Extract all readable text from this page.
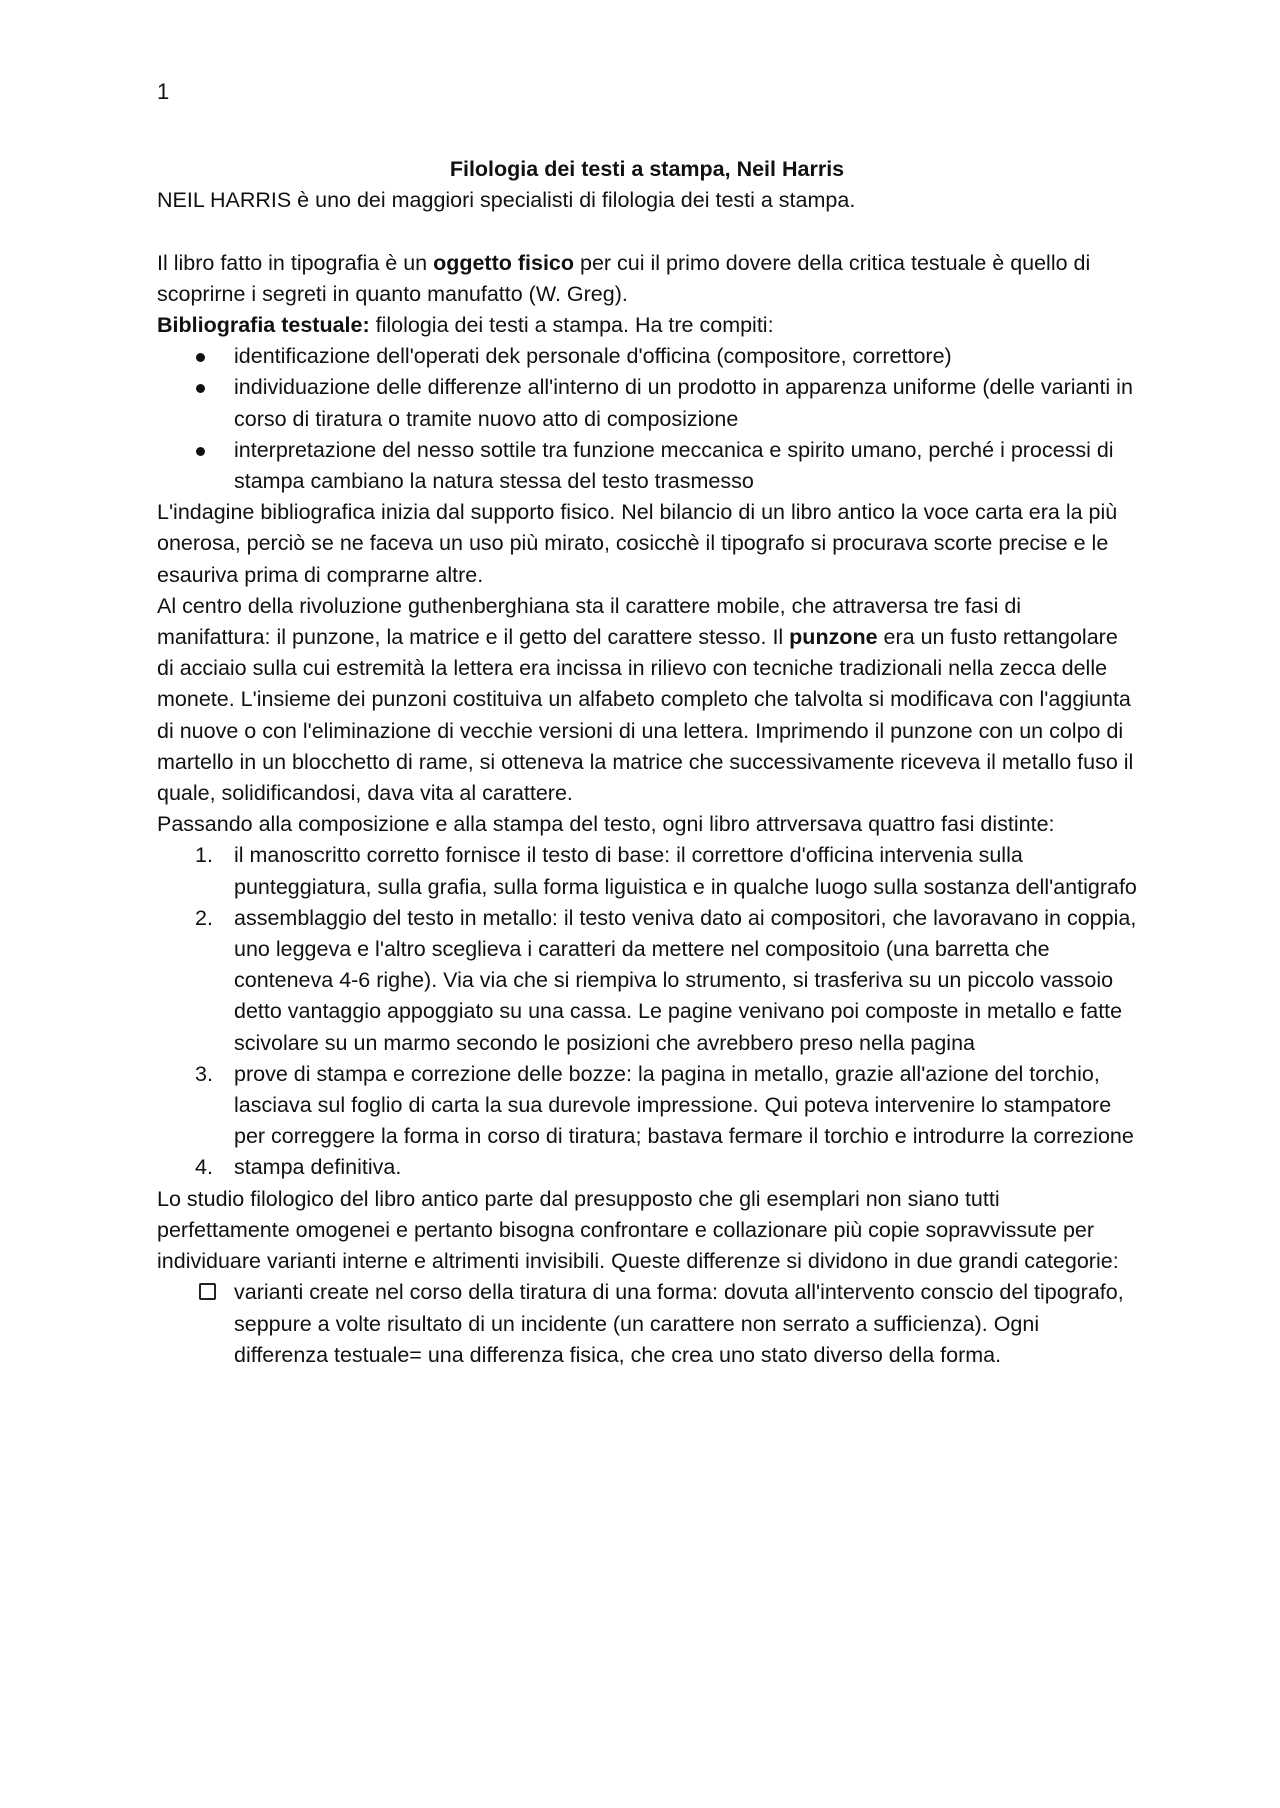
1

Filologia dei testi a stampa, Neil Harris

NEIL HARRIS è uno dei maggiori specialisti di filologia dei testi a stampa.

Il libro fatto in tipografia è un oggetto fisico per cui il primo dovere della critica testuale è quello di scoprirne i segreti in quanto manufatto (W. Greg).

Bibliografia testuale: filologia dei testi a stampa. Ha tre compiti:

identificazione dell'operati dek personale d'officina (compositore, correttore)
individuazione delle differenze all'interno di un prodotto in apparenza uniforme (delle varianti in corso di tiratura o tramite nuovo atto di composizione
interpretazione del nesso sottile tra funzione meccanica e spirito umano, perché i processi di stampa cambiano la natura stessa del testo trasmesso

L'indagine bibliografica inizia dal supporto fisico. Nel bilancio di un libro antico la voce carta era la più onerosa, perciò se ne faceva un uso più mirato, cosicchè il tipografo si procurava scorte precise e le esauriva prima di comprarne altre.

Al centro della rivoluzione guthenberghiana sta il carattere mobile, che attraversa tre fasi di manifattura: il punzone, la matrice e il getto del carattere stesso. Il punzone era un fusto rettangolare di acciaio sulla cui estremità la lettera era incissa in rilievo con tecniche tradizionali nella zecca delle monete. L'insieme dei punzoni costituiva un alfabeto completo che talvolta si modificava con l'aggiunta di nuove o con l'eliminazione di vecchie versioni di una lettera. Imprimendo il punzone con un colpo di martello in un blocchetto di rame, si otteneva la matrice che successivamente riceveva il metallo fuso il quale, solidificandosi, dava vita al carattere.

Passando alla composizione e alla stampa del testo, ogni libro attrversava quattro fasi distinte:

1. il manoscritto corretto fornisce il testo di base: il correttore d'officina intervenia sulla punteggiatura, sulla grafia, sulla forma liguistica e in qualche luogo sulla sostanza dell'antigrafo
2. assemblaggio del testo in metallo: il testo veniva dato ai compositori, che lavoravano in coppia, uno leggeva e l'altro sceglieva i caratteri da mettere nel compositoio (una barretta che conteneva 4-6 righe). Via via che si riempiva lo strumento, si trasferiva su un piccolo vassoio detto vantaggio appoggiato su una cassa. Le pagine venivano poi composte in metallo e fatte scivolare su un marmo secondo le posizioni che avrebbero preso nella pagina
3. prove di stampa e correzione delle bozze: la pagina in metallo, grazie all'azione del torchio, lasciava sul foglio di carta la sua durevole impressione. Qui poteva intervenire lo stampatore per correggere la forma in corso di tiratura; bastava fermare il torchio e introdurre la correzione
4. stampa definitiva.

Lo studio filologico del libro antico parte dal presupposto che gli esemplari non siano tutti perfettamente omogenei e pertanto bisogna confrontare e collazionare più copie sopravvissute per individuare varianti interne e altrimenti invisibili. Queste differenze si dividono in due grandi categorie:

varianti create nel corso della tiratura di una forma: dovuta all'intervento conscio del tipografo, seppure a volte risultato di un incidente (un carattere non serrato a sufficienza). Ogni differenza testuale= una differenza fisica, che crea uno stato diverso della forma.
